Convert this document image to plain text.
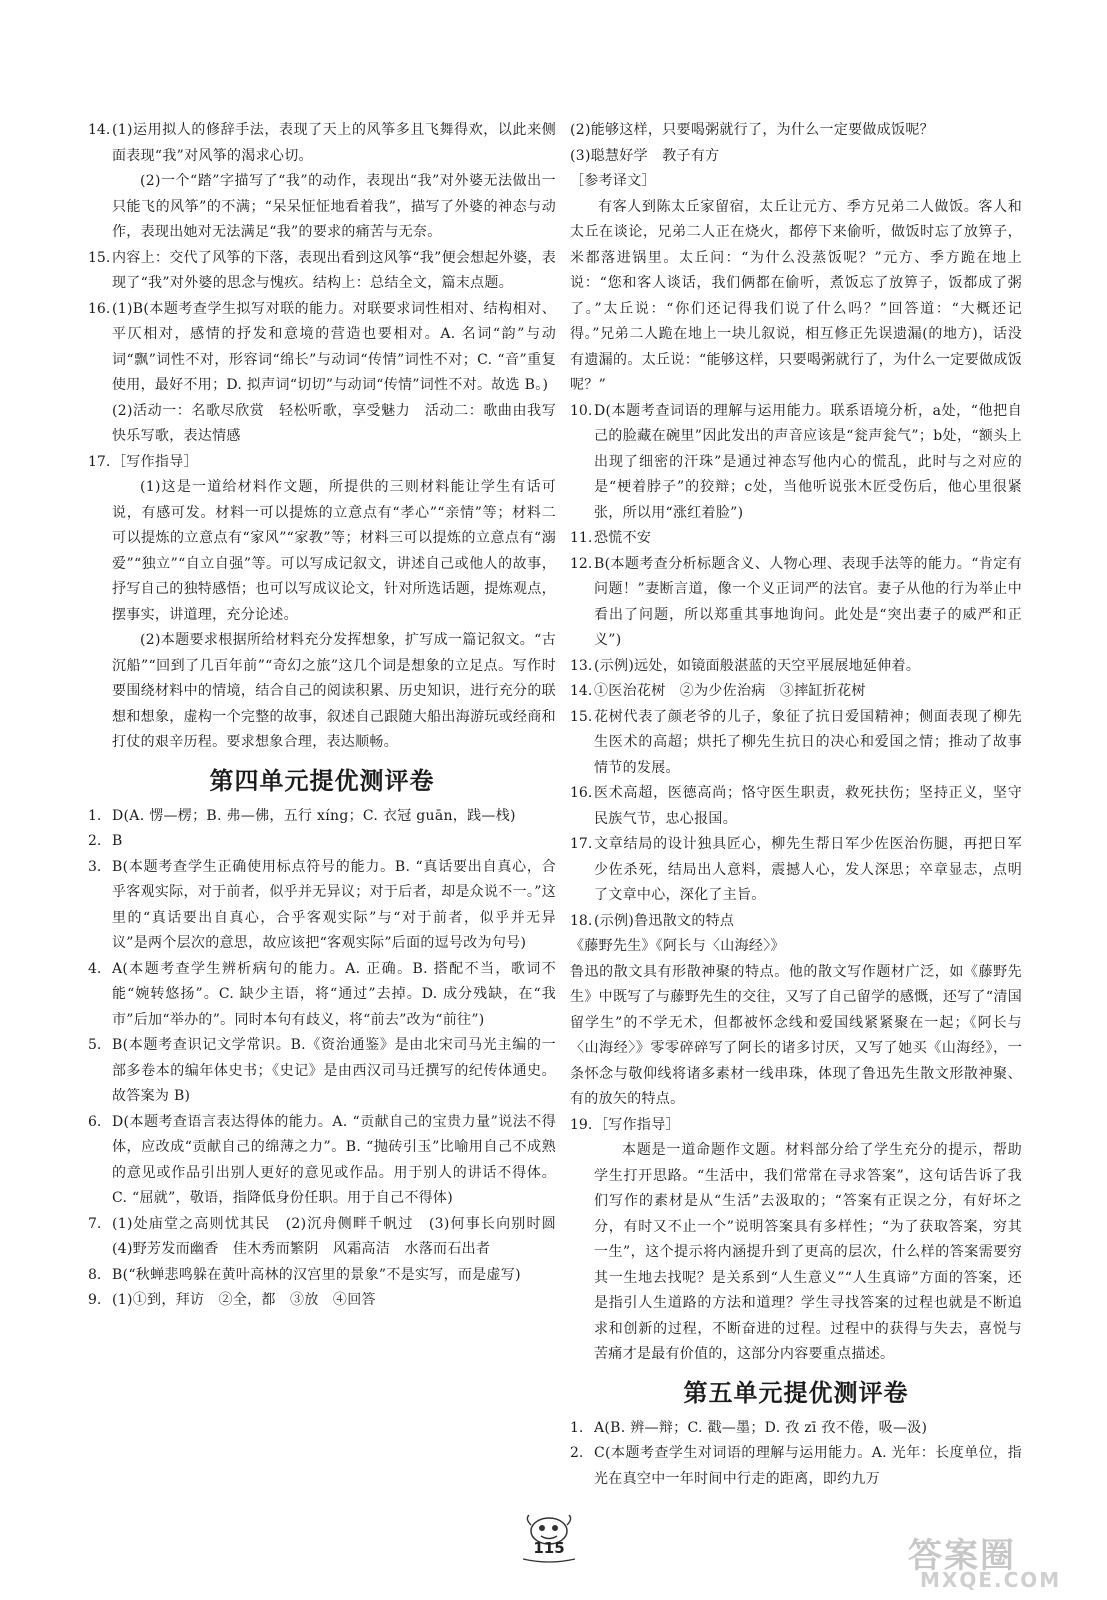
14. (1)运用拟人的修辞手法，表现了天上的风筝多且飞舞得欢，以此来侧面表现“我”对风筝的渴求心切。
(2)一个“踏”字描写了“我”的动作，表现出“我”对外婆无法做出一只能飞的风筝”的不满；“呆呆怔怔地看着我”，描写了外婆的神态与动作，表现出她对无法满足“我”的要求的痛苦与无奈。
15. 内容上：交代了风筝的下落，表现出看到这风筝“我”便会想起外婆，表现了“我”对外婆的思念与愧疚。结构上：总结全文，篇末点题。
16. (1)B(本题考查学生拟写对联的能力。对联要求词性相对、结构相对、平仄相对，感情的抒发和意境的营造也要相对。A. 名词“韵”与动词“飘”词性不对，形容词“绵长”与动词“传情”词性不对；C. “音”重复使用，最好不用；D. 拟声词“切切”与动词“传情”词性不对。故选 B。)
(2)活动一：名歌尽欣赏　轻松听歌，享受魅力　活动二：歌曲由我写　快乐写歌，表达情感
17. ［写作指导］
(1)这是一道给材料作文题，所提供的三则材料能让学生有话可说，有感可发。材料一可以提炼的立意点有“孝心”“亲情”等；材料二可以提炼的立意点有“家风”“家教”等；材料三可以提炼的立意点有“溺爱”“独立”“自立自强”等。可以写成记叙文，讲述自己或他人的故事，抒写自己的独特感悟；也可以写成议论文，针对所选话题，提炼观点，摆事实，讲道理，充分论述。
(2)本题要求根据所给材料充分发挥想象，扩写成一篇记叙文。“古沉船”“回到了几百年前”“奇幻之旅”这几个词是想象的立足点。写作时要围绕材料中的情境，结合自己的阅读积累、历史知识，进行充分的联想和想象，虚构一个完整的故事，叙述自己跟随大船出海游玩或经商和打仗的艰辛历程。要求想象合理，表达顺畅。
第四单元提优测评卷
1. D(A. 愣—楞；B. 弗—佛，五行 xíng；C. 衣冠 guān，践—栈)
2. B
3. B(本题考查学生正确使用标点符号的能力。B. “真话要出自真心，合乎客观实际，对于前者，似乎并无异议；对于后者，却是众说不一。”这里的“真话要出自真心，合乎客观实际”与“对于前者，似乎并无异议”是两个层次的意思，故应该把“客观实际”后面的逗号改为句号)
4. A(本题考查学生辨析病句的能力。A. 正确。B. 搭配不当，歌词不能“婉转悠扬”。C. 缺少主语，将“通过”去掉。D. 成分残缺，在“我市”后加“举办的”。同时本句有歧义，将“前去”改为“前往”)
5. B(本题考查识记文学常识。B.《资治通鉴》是由北宋司马光主编的一部多卷本的编年体史书；《史记》是由西汉司马迁撰写的纪传体通史。故答案为 B)
6. D(本题考查语言表达得体的能力。A. “贡献自己的宝贵力量”说法不得体，应改成“贡献自己的绵薄之力”。B. “抛砖引玉”比喻用自己不成熟的意见或作品引出别人更好的意见或作品。用于别人的讲话不得体。C. “屈就”，敬语，指降低身份任职。用于自己不得体)
7. (1)处庙堂之高则忧其民　(2)沉舟侧畔千帆过　(3)何事长向别时圆　(4)野芳发而幽香　佳木秀而繁阴　风霜高洁　水落而石出者
8. B(“秋蝉悲鸣躲在黄叶高林的汉宫里的景象”不是实写，而是虚写)
9. (1)①到，拜访　②全，都　③放　④回答
(2)能够这样，只要喝粥就行了，为什么一定要做成饭呢？
(3)聪慧好学　教子有方
［参考译文］
有客人到陈太丘家留宿，太丘让元方、季方兄弟二人做饭。客人和太丘在谈论，兄弟二人正在烧火，都停下来偷听，做饭时忘了放箅子，米都落进锅里。太丘问：“为什么没蒸饭呢？”元方、季方跪在地上说：“您和客人谈话，我们俩都在偷听，煮饭忘了放箅子，饭都成了粥了。”太丘说：“你们还记得我们说了什么吗？”回答道：“大概还记得。”兄弟二人跪在地上一块儿叙说，相互修正先误遗漏(的地方)，话没有遗漏的。太丘说：“能够这样，只要喝粥就行了，为什么一定要做成饭呢？”
10. D(本题考查词语的理解与运用能力。联系语境分析，a处，“他把自己的脸藏在碗里”因此发出的声音应该是“瓮声瓮气”；b处，“额头上出现了细密的汗珠”是通过神态写他内心的慌乱，此时与之对应的是“梗着脖子”的狡辩；c处，当他听说张木匠受伤后，他心里很紧张，所以用“涨红着脸”)
11. 恐慌不安
12. B(本题考查分析标题含义、人物心理、表现手法等的能力。“肯定有问题！”妻断言道，像一个义正词严的法官。妻子从他的行为举止中看出了问题，所以郑重其事地询问。此处是“突出妻子的威严和正义”)
13. (示例)远处，如镜面般湛蓝的天空平展展地延伸着。
14. ①医治花树　②为少佐治病　③摔缸折花树
15. 花树代表了颜老爷的儿子，象征了抗日爱国精神；侧面表现了柳先生医术的高超；烘托了柳先生抗日的决心和爱国之情；推动了故事情节的发展。
16. 医术高超，医德高尚；恪守医生职责，救死扶伤；坚持正义，坚守民族气节，忠心报国。
17. 文章结局的设计独具匠心，柳先生帮日军少佐医治伤腿，再把日军少佐杀死，结局出人意料，震撼人心，发人深思；卒章显志，点明了文章中心，深化了主旨。
18. (示例)鲁迅散文的特点
《藤野先生》《阿长与〈山海经〉》
鲁迅的散文具有形散神聚的特点。他的散文写作题材广泛，如《藤野先生》中既写了与藤野先生的交往，又写了自己留学的感慨，还写了“清国留学生”的不学无术，但都被怀念线和爱国线紧紧聚在一起；《阿长与〈山海经〉》零零碎碎写了阿长的诸多讨厌，又写了她买《山海经》，一条怀念与敬仰线将诸多素材一线串珠，体现了鲁迅先生散文形散神聚、有的放矢的特点。
19. ［写作指导］
本题是一道命题作文题。材料部分给了学生充分的提示，帮助学生打开思路。“生活中，我们常常在寻求答案”，这句话告诉了我们写作的素材是从“生活”去汲取的；“答案有正误之分，有好坏之分，有时又不止一个”说明答案具有多样性；“为了获取答案，穷其一生”，这个提示将内涵提升到了更高的层次，什么样的答案需要穷其一生地去找呢？是关系到“人生意义”“人生真谛”方面的答案，还是指引人生道路的方法和道理？学生寻找答案的过程也就是不断追求和创新的过程，不断奋进的过程。过程中的获得与失去，喜悦与苦痛才是最有价值的，这部分内容要重点描述。
第五单元提优测评卷
1. A(B. 辨—辩；C. 戳—墨；D. 孜 zī 孜不倦，吸—汲)
2. C(本题考查学生对词语的理解与运用能力。A. 光年：长度单位，指光在真空中一年时间中行走的距离，即约九万
115	答案圈
MXQE.COM
